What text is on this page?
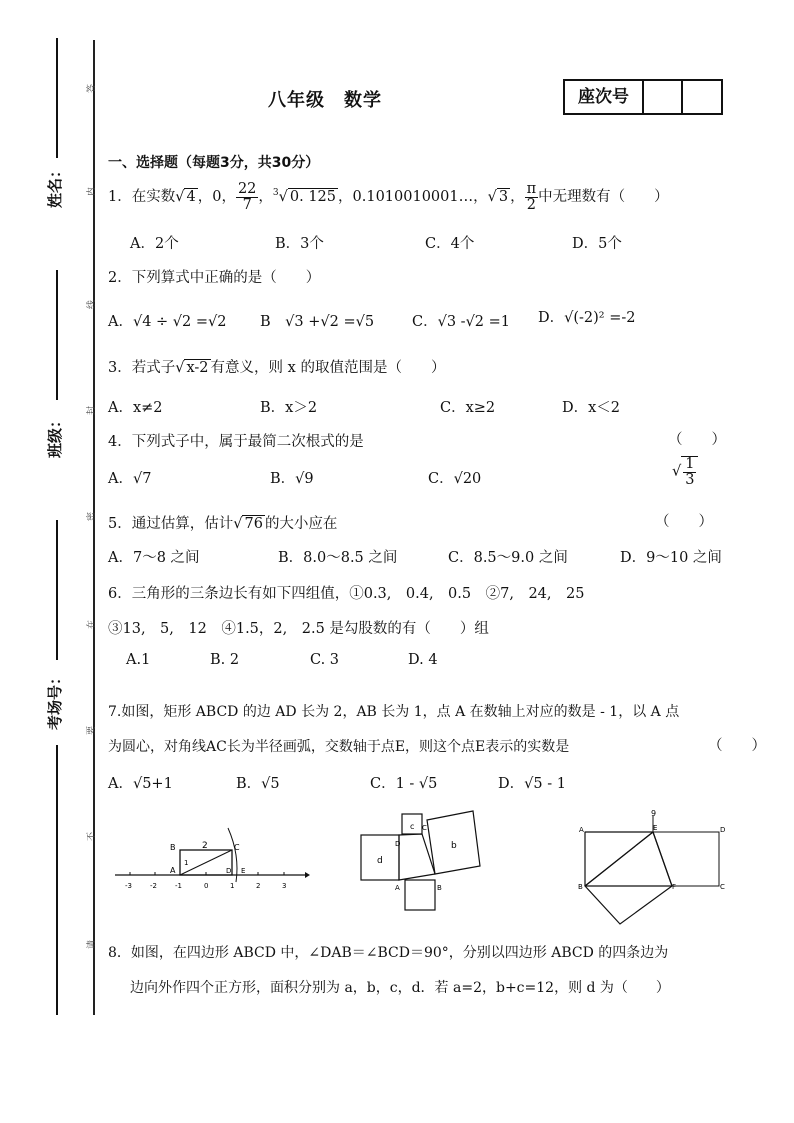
姓名：
班级：
考场号：
答
内
线
封
密
在
要
不
请
八年级　数学	座次号
一、选择题（每题3分，共30分）
1．在实数√ 4 ，0， $\frac{22}{7}$ ，$^3$√ 0. 125 ，0.1010010001…，√ 3 ， $\frac{\pi}{2}$ 中无理数有（　　）
A．2个	B．3个	C．4个	D．5个
2．下列算式中正确的是（　　）
A．√4 ÷ √2 =√2 B　√3 +√2 =√5	C．√3 -√2 =1 D．√(-2)² =-2
3．若式子√ x-2 有意义，则 x 的取值范围是（　　）
A．x≠2	B．x＞2	C．x≥2	D．x＜2
4．下列式子中，属于最简二次根式的是	（　　）
A．√7	B．√9	C．√20	√ $\frac{1}{3}$
5．通过估算，估计√ 76 的大小应在	（　　）
A．7～8 之间	B．8.0～8.5 之间	C．8.5～9.0 之间	D．9～10 之间
6．三角形的三条边长有如下四组值，①0.3,　0.4,　0.5　②7,　24,　25
③13,　5,　12　④1.5，2,　2.5 是勾股数的有（　　）组
A.1	B. 2	C. 3	D. 4
7.如图，矩形 ABCD 的边 AD 长为 2，AB 长为 1，点 A 在数轴上对应的数是 - 1，以 A 点
为圆心，对角线AC长为半径画弧，交数轴于点E，则这个点E表示的实数是	（　　）
A．√5+1	B．√5	C．1 - √5	D．√5 - 1
B	2	C
1
A	D E
-3	-2	-1	0	1	2	3
c
D
C
d
b
A	B
A	E	D
B	F	C
9
8．如图，在四边形 ABCD 中，∠DAB＝∠BCD＝90°，分别以四边形 ABCD 的四条边为
边向外作四个正方形，面积分别为 a，b，c，d．若 a=2，b+c=12，则 d 为（　　）
